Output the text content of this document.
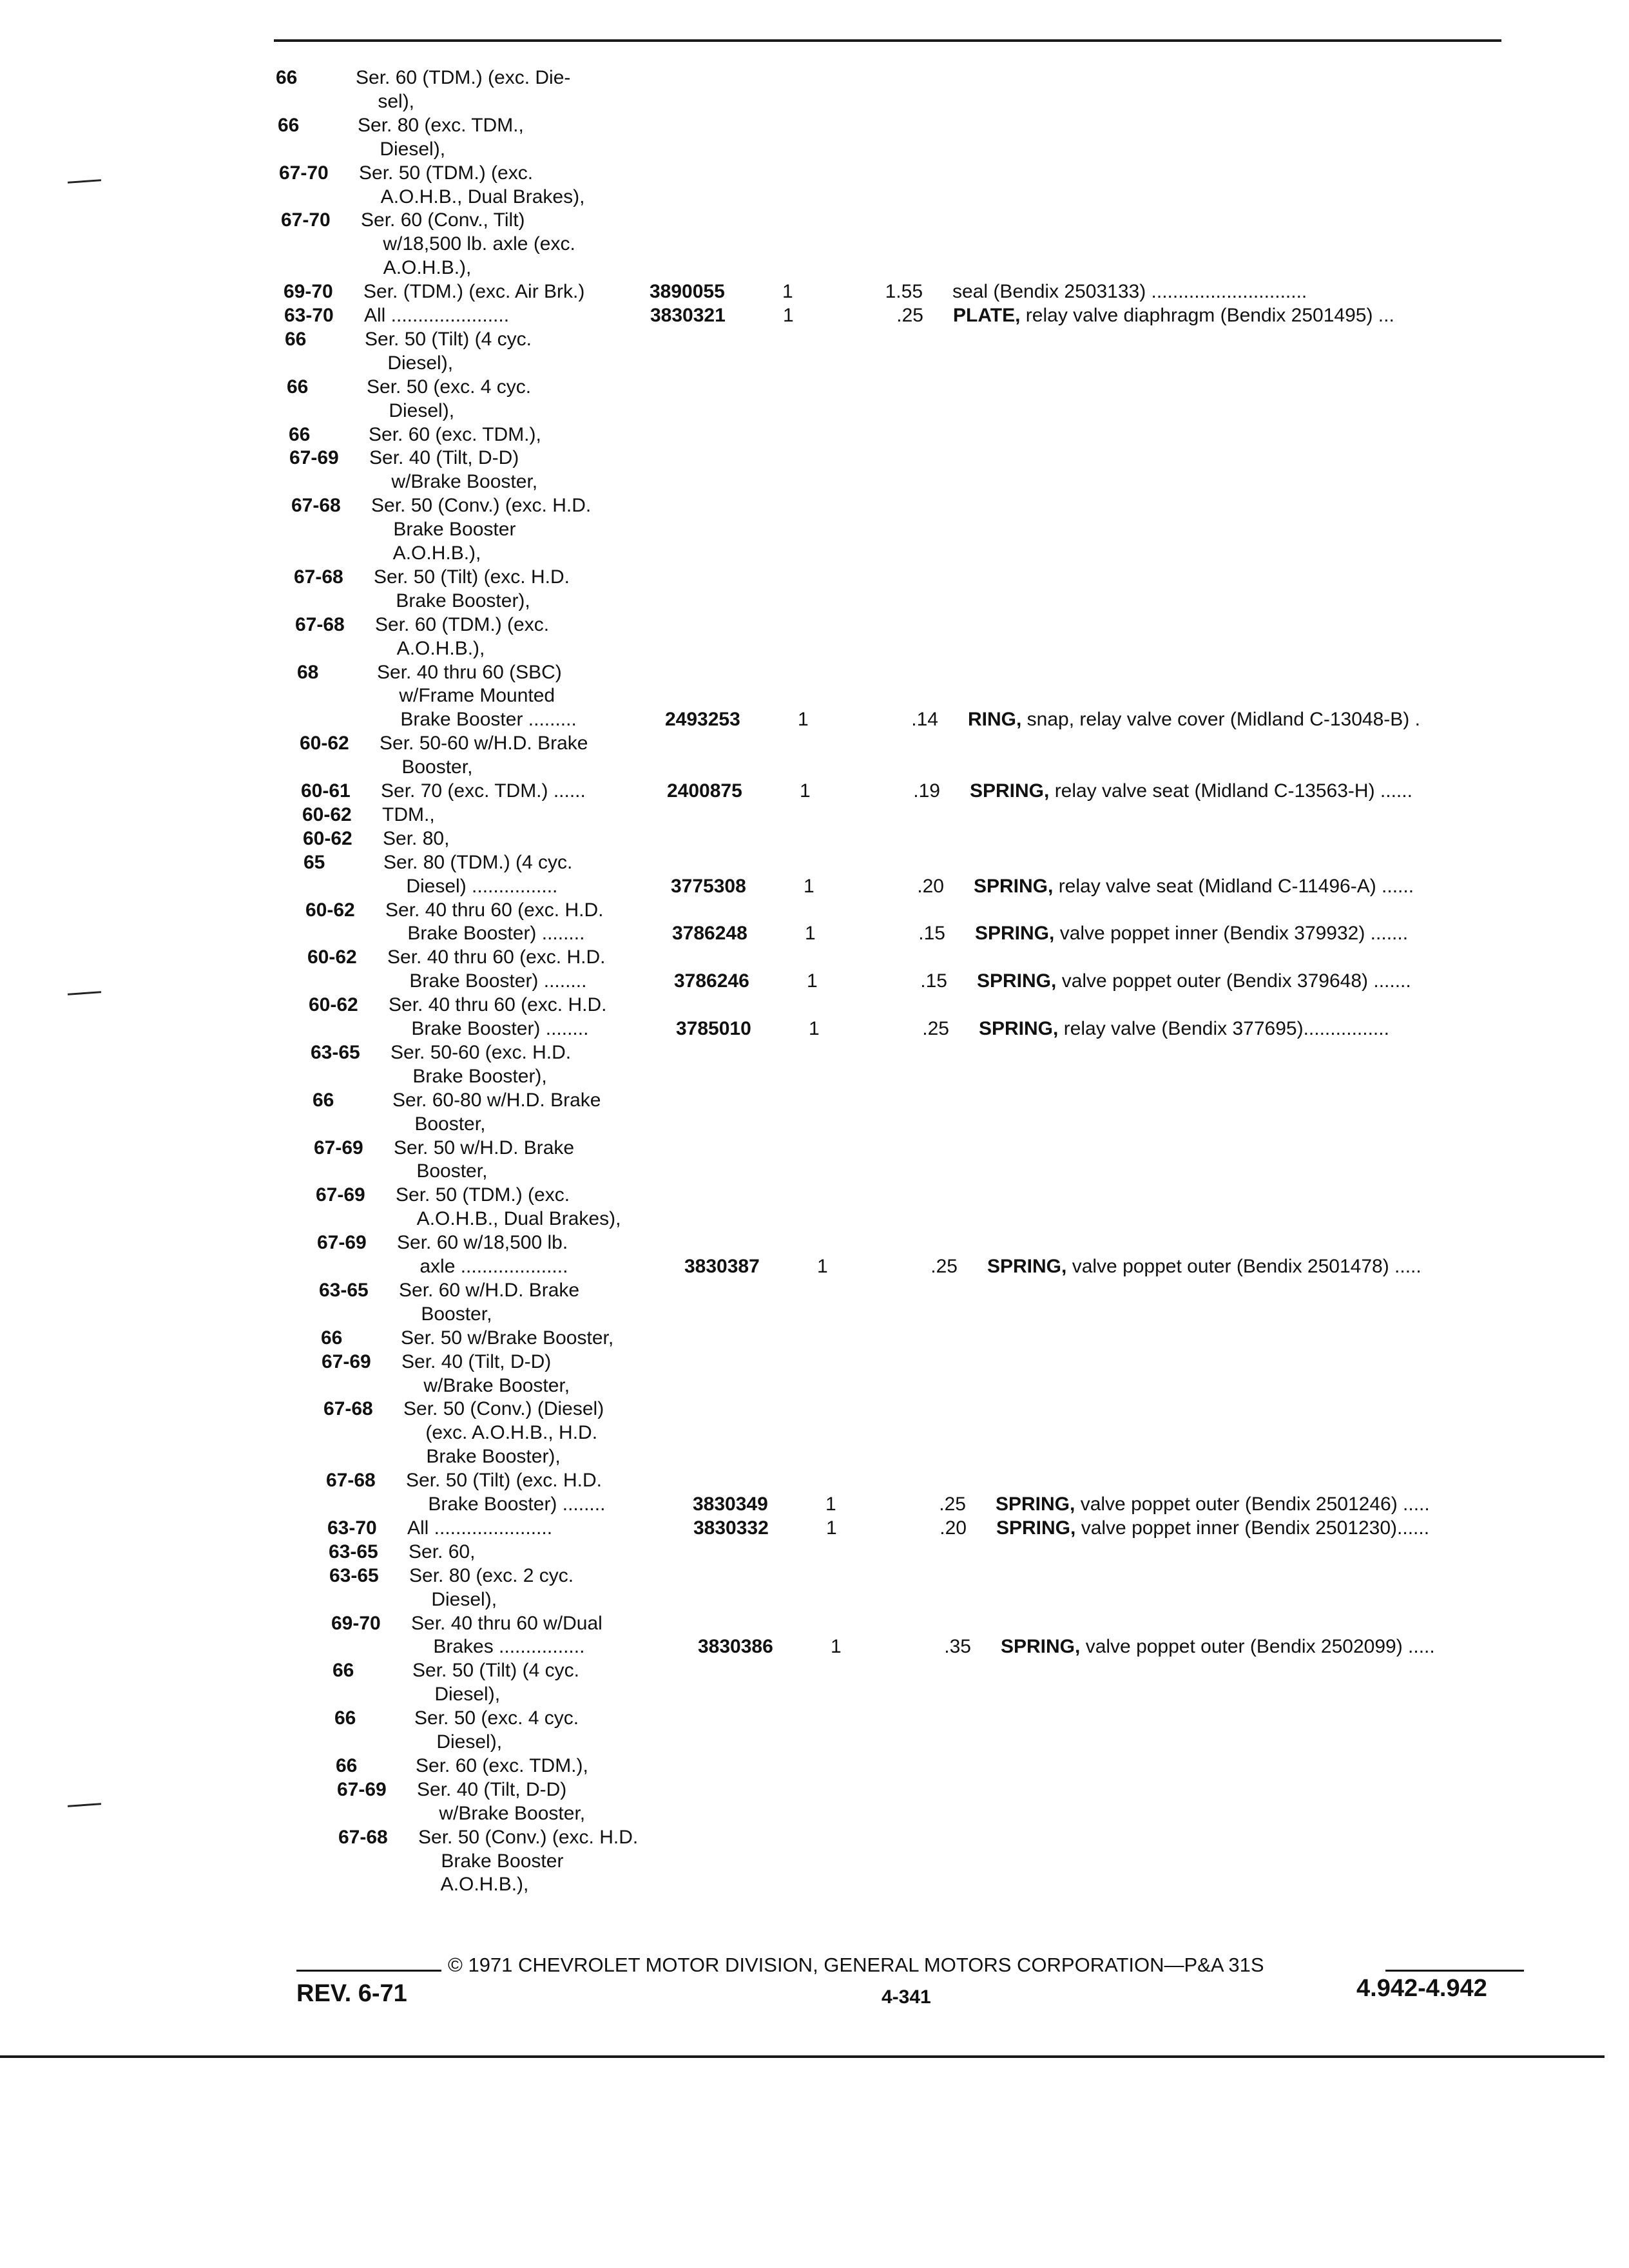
66	Ser. 60 (TDM.) (exc. Die-
sel),
66	Ser. 80 (exc. TDM.,
Diesel),
67-70 Ser. 50 (TDM.) (exc.
A.O.H.B., Dual Brakes),
67-70 Ser. 60 (Conv., Tilt)
w/18,500 lb. axle (exc.
A.O.H.B.),
69-70 Ser. (TDM.) (exc. Air Brk.)	3890055	1	1.55 seal (Bendix 2503133) .............................
63-70 All ......................	3830321	1	.25 PLATE, relay valve diaphragm (Bendix 2501495) ...
66	Ser. 50 (Tilt) (4 cyc.
Diesel),
66	Ser. 50 (exc. 4 cyc.
Diesel),
66	Ser. 60 (exc. TDM.),
67-69 Ser. 40 (Tilt, D-D)
w/Brake Booster,
67-68 Ser. 50 (Conv.) (exc. H.D.
Brake Booster
A.O.H.B.),
67-68 Ser. 50 (Tilt) (exc. H.D.
Brake Booster),
67-68 Ser. 60 (TDM.) (exc.
A.O.H.B.),
68	Ser. 40 thru 60 (SBC)
w/Frame Mounted
Brake Booster .........	2493253	1	.14 RING, snap, relay valve cover (Midland C-13048-B) .
60-62 Ser. 50-60 w/H.D. Brake
Booster,
60-61 Ser. 70 (exc. TDM.) ......	2400875	1	.19 SPRING, relay valve seat (Midland C-13563-H) ......
60-62 TDM.,
60-62 Ser. 80,
65	Ser. 80 (TDM.) (4 cyc.
Diesel) ................	3775308	1	.20 SPRING, relay valve seat (Midland C-11496-A) ......
60-62 Ser. 40 thru 60 (exc. H.D.
Brake Booster) ........	3786248	1	.15 SPRING, valve poppet inner (Bendix 379932) .......
60-62 Ser. 40 thru 60 (exc. H.D.
Brake Booster) ........	3786246	1	.15 SPRING, valve poppet outer (Bendix 379648) .......
60-62 Ser. 40 thru 60 (exc. H.D.
Brake Booster) ........	3785010	1	.25 SPRING, relay valve (Bendix 377695)................
63-65 Ser. 50-60 (exc. H.D.
Brake Booster),
66	Ser. 60-80 w/H.D. Brake
Booster,
67-69 Ser. 50 w/H.D. Brake
Booster,
67-69 Ser. 50 (TDM.) (exc.
A.O.H.B., Dual Brakes),
67-69 Ser. 60 w/18,500 lb.
axle ....................	3830387	1	.25 SPRING, valve poppet outer (Bendix 2501478) .....
63-65 Ser. 60 w/H.D. Brake
Booster,
66	Ser. 50 w/Brake Booster,
67-69 Ser. 40 (Tilt, D-D)
w/Brake Booster,
67-68 Ser. 50 (Conv.) (Diesel)
(exc. A.O.H.B., H.D.
Brake Booster),
67-68 Ser. 50 (Tilt) (exc. H.D.
Brake Booster) ........	3830349	1	.25 SPRING, valve poppet outer (Bendix 2501246) .....
63-70 All ......................	3830332	1	.20 SPRING, valve poppet inner (Bendix 2501230)......
63-65 Ser. 60,
63-65 Ser. 80 (exc. 2 cyc.
Diesel),
69-70 Ser. 40 thru 60 w/Dual
Brakes ................	3830386	1	.35 SPRING, valve poppet outer (Bendix 2502099) .....
66	Ser. 50 (Tilt) (4 cyc.
Diesel),
66	Ser. 50 (exc. 4 cyc.
Diesel),
66	Ser. 60 (exc. TDM.),
67-69 Ser. 40 (Tilt, D-D)
w/Brake Booster,
67-68 Ser. 50 (Conv.) (exc. H.D.
Brake Booster
A.O.H.B.),
© 1971 CHEVROLET MOTOR DIVISION, GENERAL MOTORS CORPORATION—P&A 31S
REV. 6-71	4-341	4.942-4.942
